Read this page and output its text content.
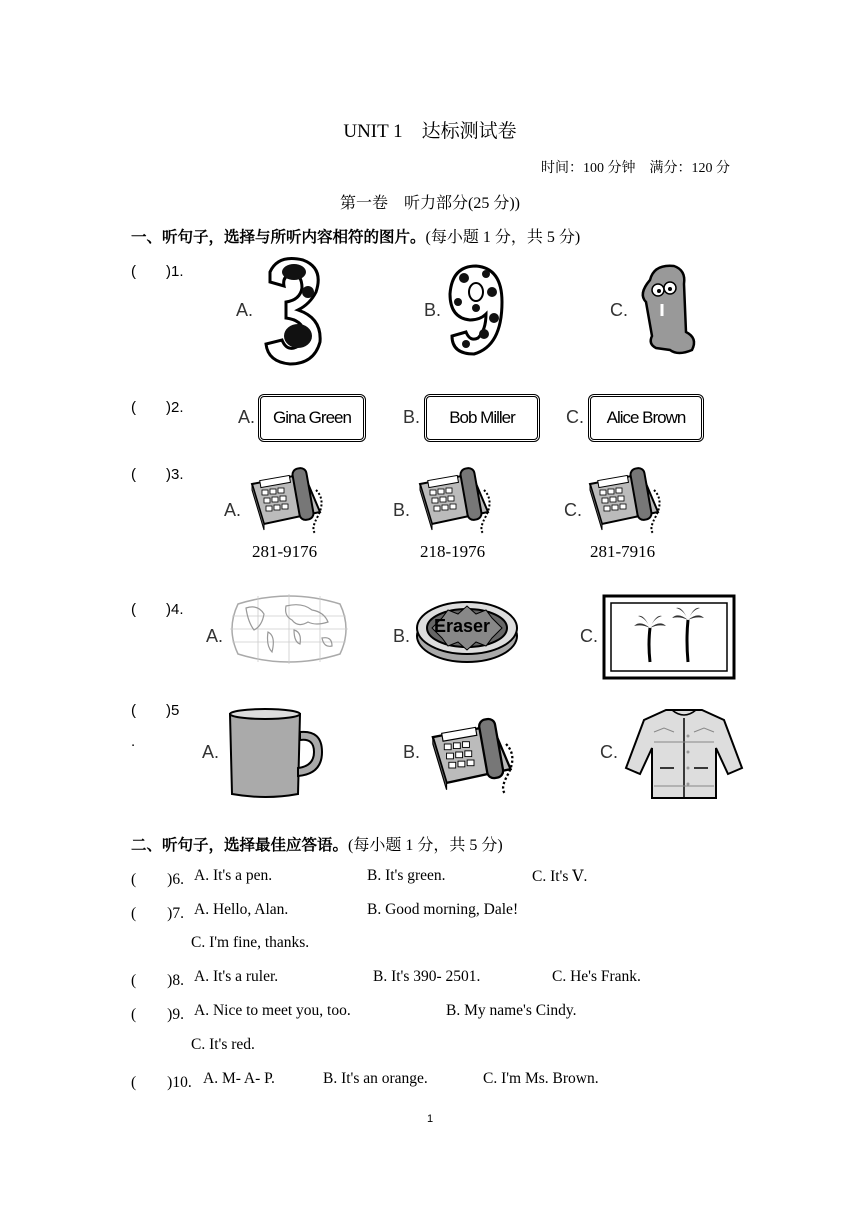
UNIT 1　达标测试卷
时间：100 分钟　满分：120 分
第一卷　听力部分(25 分))
一、听句子，选择与所听内容相符的图片。(每小题 1 分，共 5 分)
(　　)1.
A.	B.	C.
(　　)2.	A.	Gina Green	B.	Bob Miller	C.	Alice Brown
(　　)3.
A.
281-9176
B.
218-1976
C.
281-7916
(　　)4.
A.	B. Eraser	C.
(　　)5
.
A.	B.	C.
二、听句子，选择最佳应答语。(每小题 1 分，共 5 分)
(　　)6. A. It's a pen.	B. It's green.	C. It's Ⅴ.
(　　)7. A. Hello, Alan.	B. Good morning, Dale!
C. I'm fine, thanks.
(　　)8. A. It's a ruler.	B. It's 390- 2501.	C. He's Frank.
(　　)9. A. Nice to meet you, too.	B. My name's Cindy.
C. It's red.
(　　)10. A. M- A- P.	B. It's an orange.	C. I'm Ms. Brown.
1
